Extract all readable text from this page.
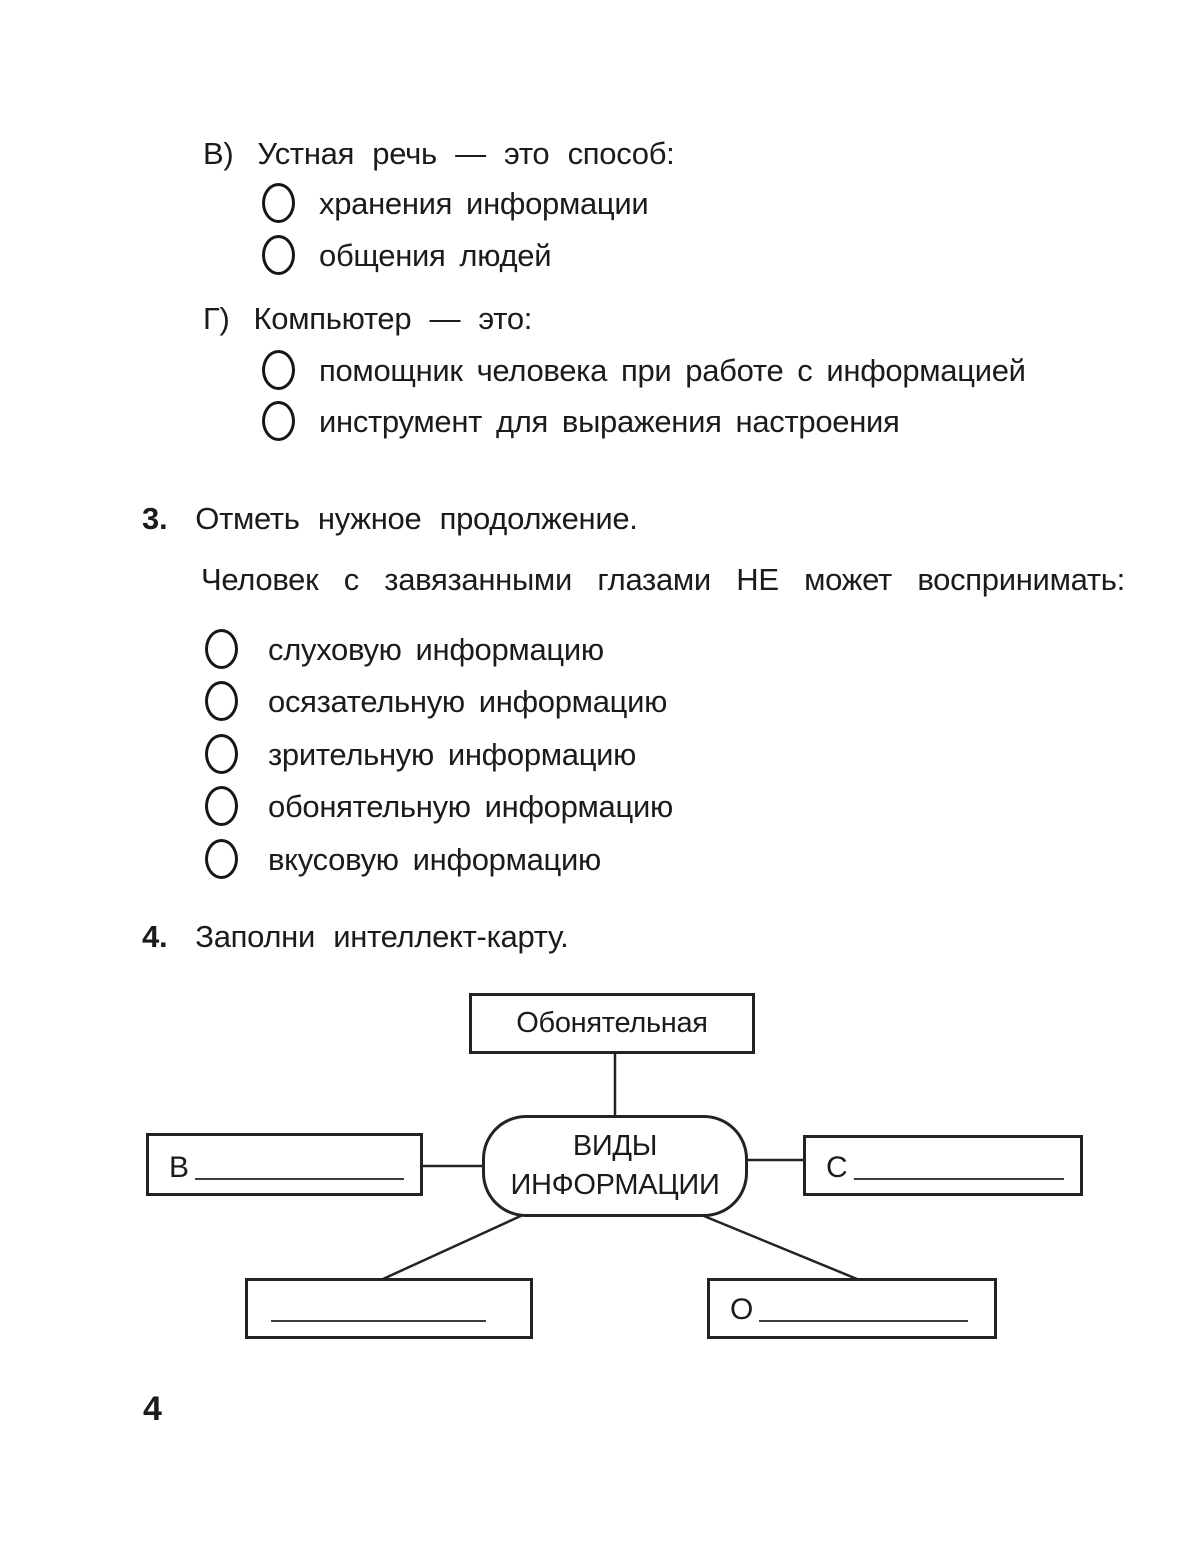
В) Устная речь — это способ:
хранения информации
общения людей
Г) Компьютер — это:
помощник человека при работе с информацией
инструмент для выражения настроения
3. Отметь нужное продолжение.
Человек с завязанными глазами НЕ может воспринимать:
слуховую информацию
осязательную информацию
зрительную информацию
обонятельную информацию
вкусовую информацию
4. Заполни интеллект-карту.
Обонятельная
ВИДЫ ИНФОРМАЦИИ
В	С
О
4
